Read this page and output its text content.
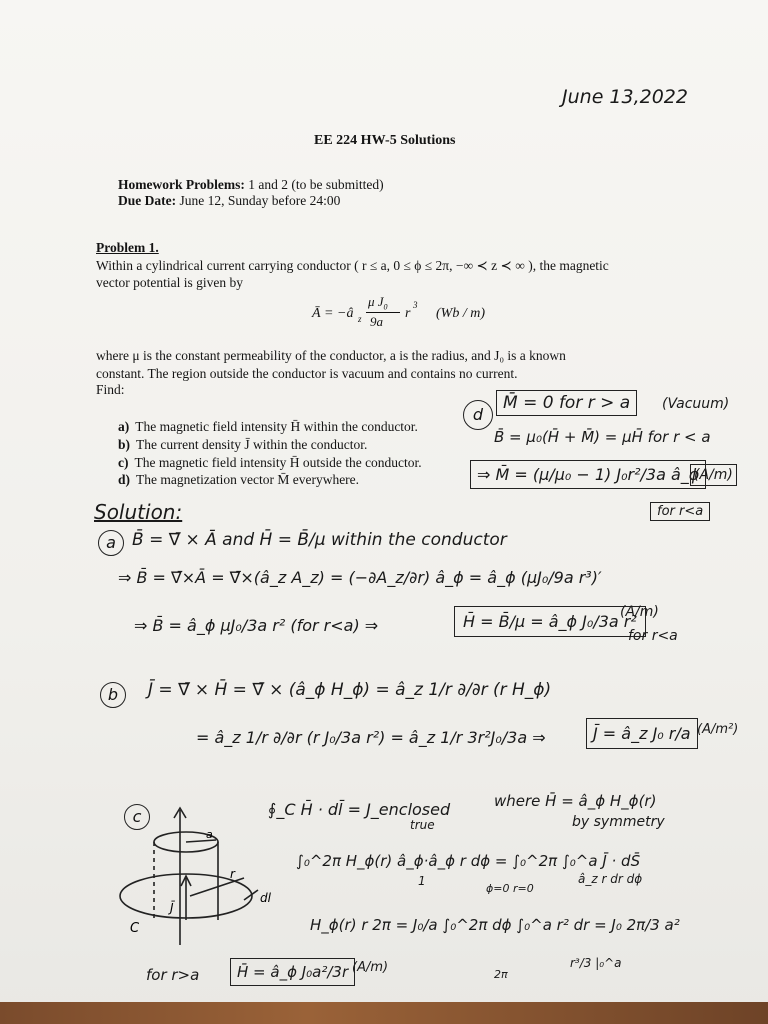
June 13,2022
EE 224 HW-5 Solutions
Homework Problems: 1 and 2 (to be submitted)
Due Date: June 12, Sunday before 24:00
Problem 1.
Within a cylindrical current carrying conductor ( r ≤ a, 0 ≤ ϕ ≤ 2π, −∞ ≺ z ≺ ∞ ), the magnetic
vector potential is given by
Ā = −â z
μ $J_0$
9a
r
3
(Wb / m)
where μ is the constant permeability of the conductor, a is the radius, and J₀ is a known
constant. The region outside the conductor is vacuum and contains no current.
Find:
a) The magnetic field intensity H̄ within the conductor.
b) The current density J̄ within the conductor.
c) The magnetic field intensity H̄ outside the conductor.
d) The magnetization vector M̄ everywhere.
d
M̄ = 0 for r > a	(Vacuum)
B̄ = μ₀(H̄ + M̄) = μH̄ for r < a
⇒ M̄ = (μ/μ₀ − 1) J₀r²/3a â_ϕ
(A/m)
for r<a
Solution:
a B̄ = ∇̄ × Ā and H̄ = B̄/μ within the conductor
⇒ B̄ = ∇̄×Ā = ∇̄×(â_z A_z) = (−∂A_z/∂r) â_ϕ = â_ϕ (μJ₀/9a r³)′
⇒ B̄ = â_ϕ μJ₀/3a r² (for r<a) ⇒	H̄ = B̄/μ = â_ϕ J₀/3a r²
(A/m)
for r<a
b	J̄ = ∇̄ × H̄ = ∇̄ × (â_ϕ H_ϕ) = â_z 1/r ∂/∂r (r H_ϕ)
= â_z 1/r ∂/∂r (r J₀/3a r²) = â_z 1/r 3r²J₀/3a ⇒	J̄ = â_z J₀ r/a (A/m²)
c	∮_C H̄ · dl̄ = J_enclosed
true
where H̄ = â_ϕ H_ϕ(r)
by symmetry
∫₀^2π H_ϕ(r) â_ϕ·â_ϕ r dϕ = ∫₀^2π ∫₀^a J̄ · dS̄
1	â_z r dr dϕ
ϕ=0 r=0
H_ϕ(r) r 2π = J₀/a ∫₀^2π dϕ ∫₀^a r² dr = J₀ 2π/3 a²
2π
r³/3 |₀^a
for r>a	H̄ = â_ϕ J₀a²/3r (A/m)
a
r
dl
J̄
C
